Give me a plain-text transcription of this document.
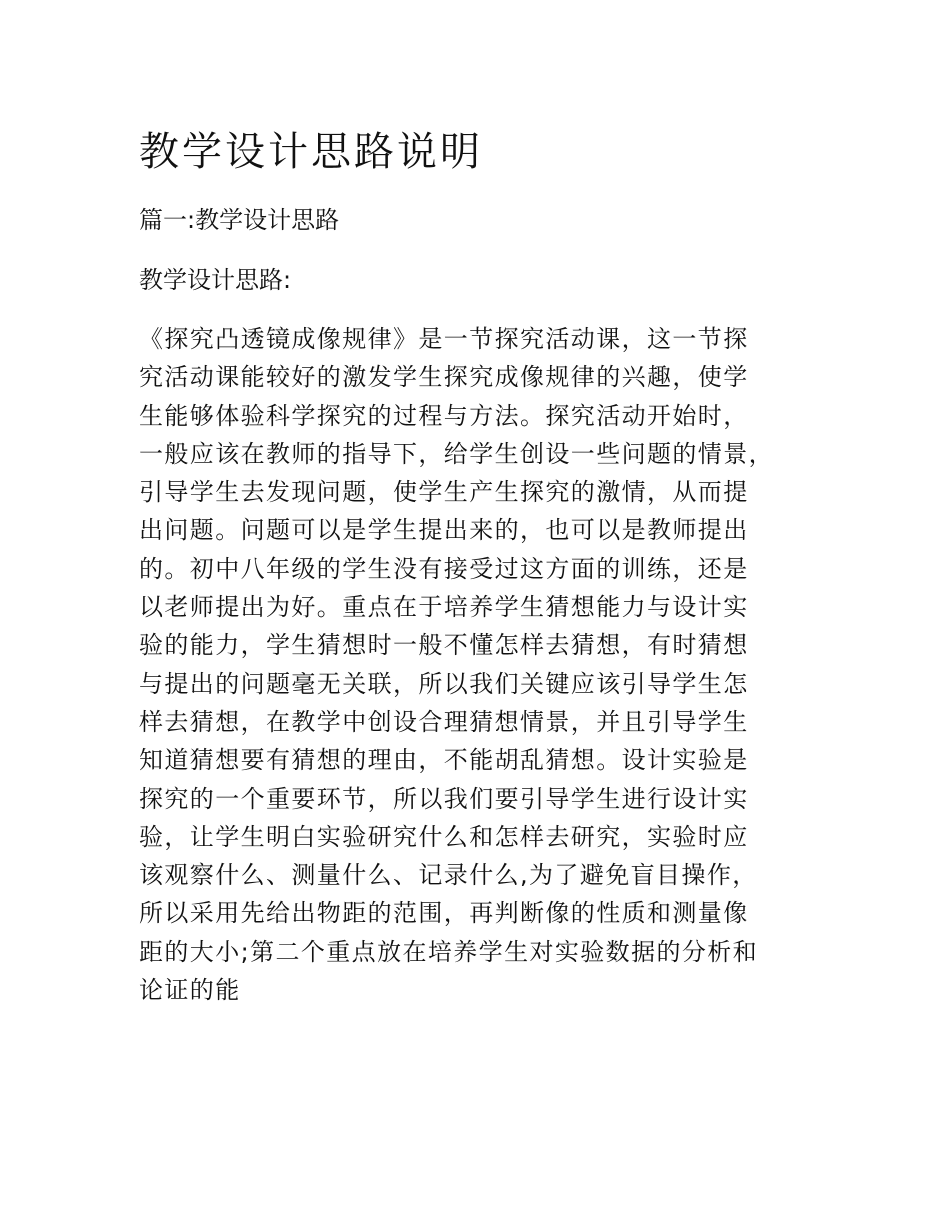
教学设计思路说明
篇一:教学设计思路

教学设计思路:

《探究凸透镜成像规律》是一节探究活动课，这一节探
究活动课能较好的激发学生探究成像规律的兴趣，使学
生能够体验科学探究的过程与方法。探究活动开始时，
一般应该在教师的指导下，给学生创设一些问题的情景，
引导学生去发现问题，使学生产生探究的激情，从而提
出问题。问题可以是学生提出来的，也可以是教师提出
的。初中八年级的学生没有接受过这方面的训练，还是
以老师提出为好。重点在于培养学生猜想能力与设计实
验的能力，学生猜想时一般不懂怎样去猜想，有时猜想
与提出的问题毫无关联，所以我们关键应该引导学生怎
样去猜想，在教学中创设合理猜想情景，并且引导学生
知道猜想要有猜想的理由，不能胡乱猜想。设计实验是
探究的一个重要环节，所以我们要引导学生进行设计实
验，让学生明白实验研究什么和怎样去研究，实验时应
该观察什么、测量什么、记录什么,为了避免盲目操作，
所以采用先给出物距的范围，再判断像的性质和测量像
距的大小;第二个重点放在培养学生对实验数据的分析和
论证的能
